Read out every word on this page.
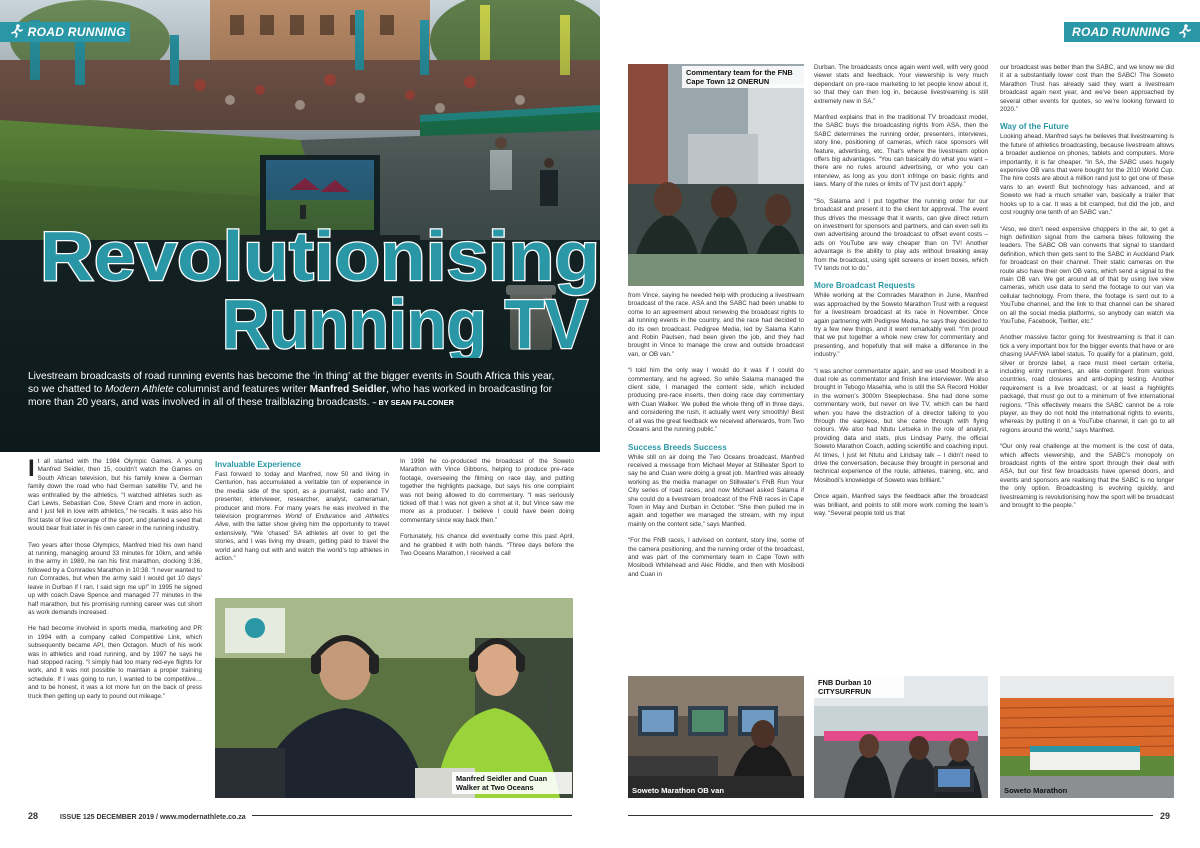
ROAD RUNNING
Revolutionising
Running TV
Livestream broadcasts of road running events has become the ‘in thing’ at the bigger events in South Africa this year, so we chatted to Modern Athlete columnist and features writer Manfred Seidler, who has worked in broadcasting for more than 20 years, and was involved in all of these trailblazing broadcasts. – BY SEAN FALCONER

It all started with the 1984 Olympic Games. A young Manfred Seidler, then 15, couldn’t watch the Games on South African television, but his family knew a German family down the road who had German satellite TV, and he was enthralled by the athletics. “I watched athletes such as Carl Lewis, Sebastian Coe, Steve Cram and more in action, and I just fell in love with athletics,” he recalls. It was also his first taste of live coverage of the sport, and planted a seed that would bear fruit later in his own career in the running industry.

Two years after those Olympics, Manfred tried his own hand at running, managing around 33 minutes for 10km, and while in the army in 1989, he ran his first marathon, clocking 3:36, followed by a Comrades Marathon in 10:38. “I never wanted to run Comrades, but when the army said I would get 10 days’ leave in Durban if I ran, I said sign me up!” In 1995 he signed up with coach Dave Spence and managed 77 minutes in the half marathon, but his promising running career was cut short as work demands increased.

He had become involved in sports media, marketing and PR in 1994 with a company called Competitive Link, which subsequently became API, then Octagon. Much of his work was in athletics and road running, and by 1997 he says he had stopped racing. “I simply had too many red-eye flights for work, and it was not possible to maintain a proper training schedule. If I was going to run, I wanted to be competitive… and to be honest, it was a lot more fun on the back of press truck then getting up early to pound out mileage.”

Invaluable Experience

Fast forward to today and Manfred, now 50 and living in Centurion, has accumulated a veritable ton of experience in the media side of the sport, as a journalist, radio and TV presenter, interviewer, researcher, analyst, cameraman, producer and more. For many years he was involved in the television programmes World of Endurance and Athletics Alive, with the latter show giving him the opportunity to travel extensively. “We ‘chased’ SA athletes all over to get the stories, and I was living my dream, getting paid to travel the world and hang out with and watch the world’s top athletes in action.”

In 1998 he co-produced the broadcast of the Soweto Marathon with Vince Gibbons, helping to produce pre-race footage, overseeing the filming on race day, and putting together the highlights package, but says his one complaint was not being allowed to do commentary. “I was seriously ticked off that I was not given a shot at it, but Vince saw me more as a producer. I believe I could have been doing commentary since way back then.”

Fortunately, his chance did eventually come this past April, and he grabbed it with both hands. “Three days before the Two Oceans Marathon, I received a call

Manfred Seidler and Cuan Walker at Two Oceans
Images: Courtesy Manfred Seidler
28	ISSUE 125 DECEMBER 2019 / www.modernathlete.co.za
ROAD RUNNING
Commentary team for the FNB Cape Town 12 ONERUN

from Vince, saying he needed help with producing a livestream broadcast of the race. ASA and the SABC had been unable to come to an agreement about renewing the broadcast rights to all running events in the country, and the race had decided to do its own broadcast. Pedigree Media, led by Salama Kahn and Robin Paulsen, had been given the job, and they had brought in Vince to manage the crew and outside broadcast van, or OB van.”

“I told him the only way I would do it was if I could do commentary, and he agreed. So while Salama managed the client side, I managed the content side, which included producing pre-race inserts, then doing race day commentary with Cuan Walker. We pulled the whole thing off in three days, and considering the rush, it actually went very smoothly! Best of all was the great feedback we received afterwards, from Two Oceans and the running public.”

Success Breeds Success

While still on air doing the Two Oceans broadcast, Manfred received a message from Michael Meyer at Stillwater Sport to say he and Cuan were doing a great job. Manfred was already working as the media manager on Stillwater’s FNB Run Your City series of road races, and now Michael asked Salama if she could do a livestream broadcast of the FNB races in Cape Town in May and Durban in October. “She then pulled me in again and together we managed the stream, with my input mainly on the content side,” says Manfred.

“For the FNB races, I advised on content, story line, some of the camera positioning, and the running order of the broadcast, and was part of the commentary team in Cape Town with Mosibodi Whitehead and Alec Riddle, and then with Mosibodi and Cuan in

Durban. The broadcasts once again went well, with very good viewer stats and feedback. Your viewership is very much dependant on pre-race marketing to let people know about it, so that they can then log in, because livestreaming is still extremely new in SA.”

Manfred explains that in the traditional TV broadcast model, the SABC buys the broadcasting rights from ASA, then the SABC determines the running order, presenters, interviews, story line, positioning of cameras, which race sponsors will feature, advertising, etc. That’s where the livestream option offers big advantages. “You can basically do what you want – there are no rules around advertising, or who you can interview, as long as you don’t infringe on basic rights and laws. Many of the rules or limits of TV just don’t apply.”

“So, Salama and I put together the running order for our broadcast and present it to the client for approval. The event thus drives the message that it wants, can give direct return on investment for sponsors and partners, and can even sell its own advertising around the broadcast to offset event costs – ads on YouTube are way cheaper than on TV! Another advantage is the ability to play ads without breaking away from the broadcast, using split screens or insert boxes, which TV tends not to do.”

More Broadcast Requests

While working at the Comrades Marathon in June, Manfred was approached by the Soweto Marathon Trust with a request for a livestream broadcast at its race in November. Once again partnering with Pedigree Media, he says they decided to try a few new things, and it went remarkably well. “I’m proud that we put together a whole new crew for commentary and presenting, and hopefully that will make a difference in the industry.”

“I was anchor commentator again, and we used Mosibodi in a dual role as commentator and finish line interviewer. We also brought in Tebogo Masehla, who is still the SA Record Holder in the women’s 3000m Steeplechase. She had done some commentary work, but never on live TV, which can be hard when you have the distraction of a director talking to you through the earpiece, but she came through with flying colours. We also had Ntutu Letseka in the role of analyst, providing data and stats, plus Lindsay Parry, the official Soweto Marathon Coach, adding scientific and coaching input. At times, I just let Ntutu and Lindsay talk – I didn’t need to drive the conversation, because they brought in personal and technical experience of the route, athletes, training, etc, and Mosibodi’s knowledge of Soweto was brilliant.”

Once again, Manfred says the feedback after the broadcast was brilliant, and points to still more work coming the team’s way. “Several people told us that

our broadcast was better than the SABC, and we know we did it at a substantially lower cost than the SABC! The Soweto Marathon Trust has already said they want a livestream broadcast again next year, and we’ve been approached by several other events for quotes, so we’re looking forward to 2020.”

Way of the Future

Looking ahead, Manfred says he believes that livestreaming is the future of athletics broadcasting, because livestream allows a broader audience on phones, tablets and computers. More importantly, it is far cheaper. “In SA, the SABC uses hugely expensive OB vans that were bought for the 2010 World Cup. The hire costs are about a million rand just to get one of these vans to an event! But technology has advanced, and at Soweto we had a much smaller van, basically a trailer that hooks up to a car. It was a bit cramped, but did the job, and cost roughly one tenth of an SABC van.”

“Also, we don’t need expensive choppers in the air, to get a high definition signal from the camera bikes following the leaders. The SABC OB van converts that signal to standard definition, which then gets sent to the SABC in Auckland Park for broadcast on their channel. Their static cameras on the route also have their own OB vans, which send a signal to the main OB van. We get around all of that by using live view cameras, which use data to send the footage to our van via cellular technology. From there, the footage is sent out to a YouTube channel, and the link to that channel can be shared on all the social media platforms, so anybody can watch via YouTube, Facebook, Twitter, etc.”

Another massive factor going for livestreaming is that it can tick a very important box for the bigger events that have or are chasing IAAF/WA label status. To qualify for a platinum, gold, silver or bronze label, a race must meet certain criteria, including entry numbers, an elite contingent from various countries, road closures and anti-doping testing. Another requirement is a live broadcast, or at least a highlights package, that must go out to a minimum of five international regions. “This effectively means the SABC cannot be a role player, as they do not hold the international rights to events, whereas by putting it on a YouTube channel, it can go to all regions around the world,” says Manfred.

“Our only real challenge at the moment is the cost of data, which affects viewership, and the SABC’s monopoly on broadcast rights of the entire sport through their deal with ASA, but our first few broadcasts have opened doors, and events and sponsors are realising that the SABC is no longer the only option. Broadcasting is evolving quickly, and livestreaming is revolutionising how the sport will be broadcast and brought to the people.”

Soweto Marathon OB van
FNB Durban 10 CITYSURFRUN
Soweto Marathon
29
